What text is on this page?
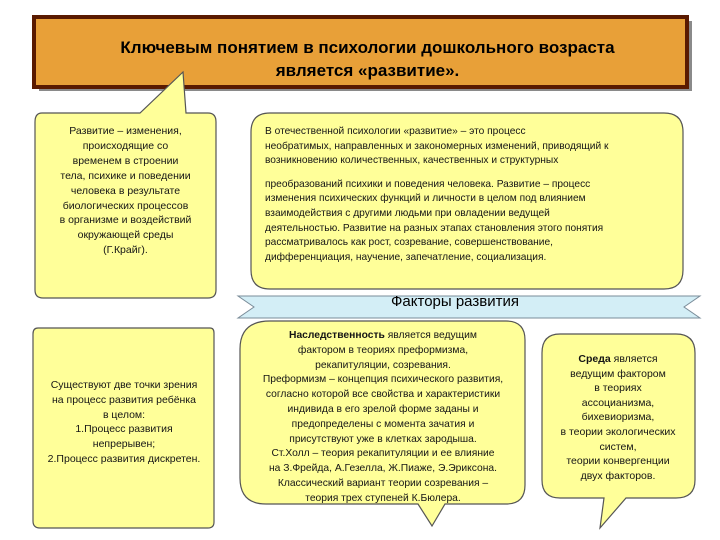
Ключевым понятием в психологии дошкольного возраста
является «развитие».
Развитие – изменения,
происходящие со
временем в строении
тела, психике и поведении
человека в результате
биологических процессов
в организме и воздействий
окружающей среды
(Г.Крайг).
В отечественной психологии «развитие» – это процесс
необратимых, направленных и закономерных изменений, приводящий к
возникновению количественных, качественных и структурных
преобразований психики и поведения человека. Развитие – процесс
изменения психических функций и личности в целом под влиянием
взаимодействия с другими людьми при овладении ведущей
деятельностью. Развитие на разных этапах становления этого понятия
рассматривалось как рост, созревание, совершенствование,
дифференциация, научение, запечатление, социализация.
Факторы развития
Существуют две точки зрения
на процесс развития ребёнка
в целом:
1.Процесс развития
непрерывен;
2.Процесс развития дискретен.
Наследственность является ведущим
фактором в теориях преформизма,
рекапитуляции, созревания.
Преформизм – концепция психического развития,
согласно которой все свойства и характеристики
индивида в его зрелой форме заданы и
предопределены с момента зачатия и
присутствуют уже в клетках зародыша.
Ст.Холл – теория рекапитуляции и ее влияние
на З.Фрейда, А.Гезелла, Ж.Пиаже, Э.Эриксона.
Классический вариант теории созревания –
теория трех ступеней К.Бюлера.
Среда является
ведущим фактором
в теориях
ассоцианизма,
бихевиоризма,
в теории экологических
систем,
теории конвергенции
двух факторов.
